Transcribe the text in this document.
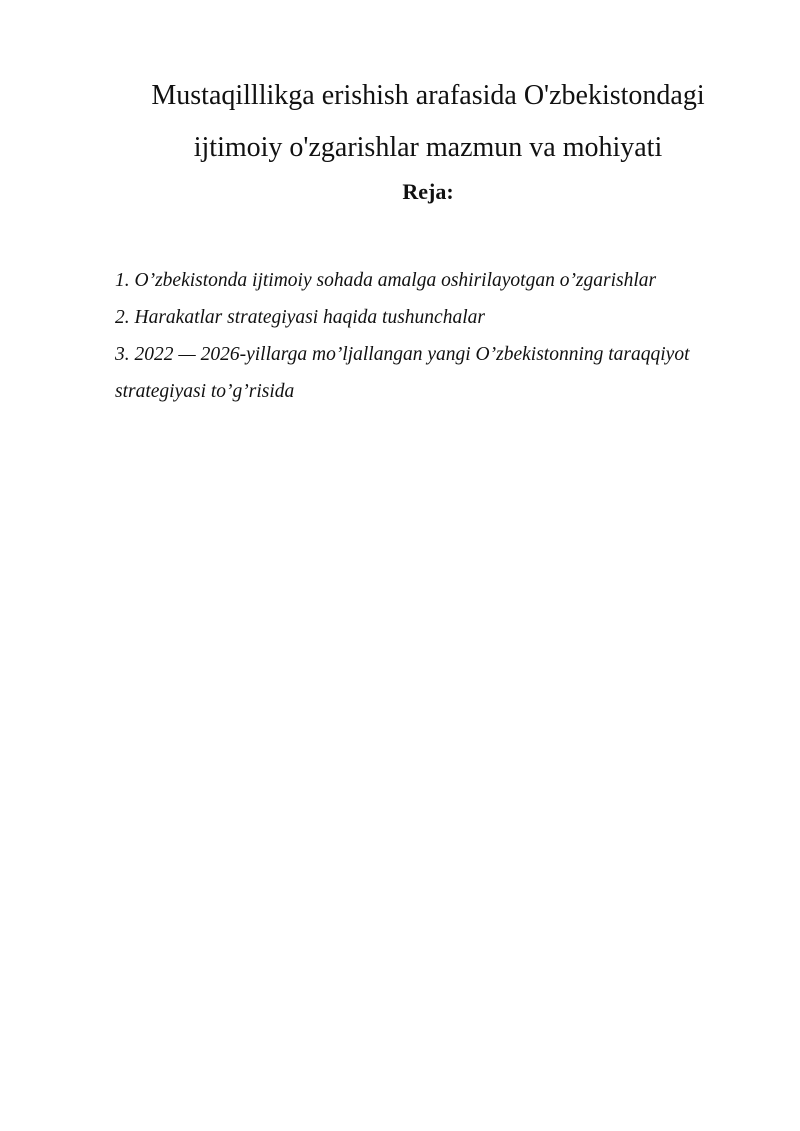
Mustaqilllikga erishish arafasida O'zbekistondagi
ijtimoiy o'zgarishlar mazmun va mohiyati
Reja:
1. O’zbekistonda ijtimoiy sohada amalga oshirilayotgan o’zgarishlar
2. Harakatlar strategiyasi haqida tushunchalar
3. 2022 — 2026-yillarga mo’ljallangan yangi O’zbekistonning taraqqiyot
strategiyasi to’g’risida
